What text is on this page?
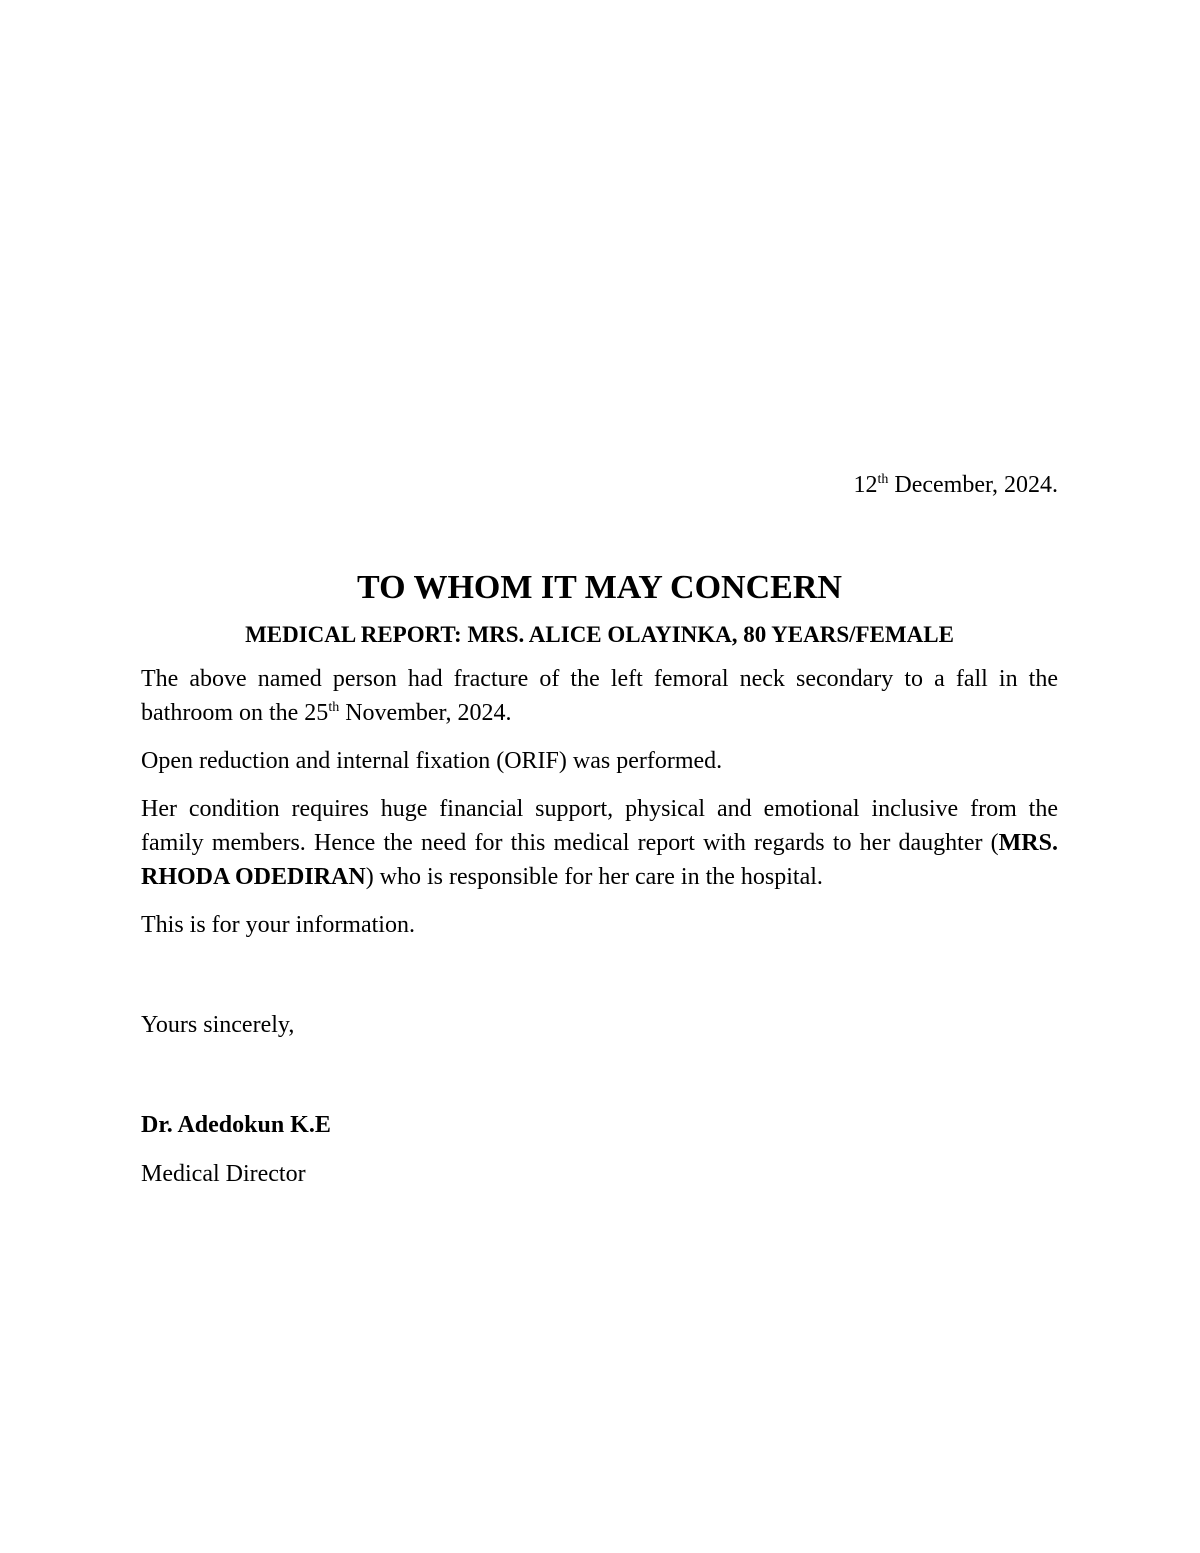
12th December, 2024.

TO WHOM IT MAY CONCERN
MEDICAL REPORT: MRS. ALICE OLAYINKA, 80 YEARS/FEMALE

The above named person had fracture of the left femoral neck secondary to a fall in the bathroom on the 25th November, 2024.

Open reduction and internal fixation (ORIF) was performed.

Her condition requires huge financial support, physical and emotional inclusive from the family members. Hence the need for this medical report with regards to her daughter (MRS. RHODA ODEDIRAN) who is responsible for her care in the hospital.

This is for your information.

Yours sincerely,

Dr. Adedokun K.E

Medical Director
